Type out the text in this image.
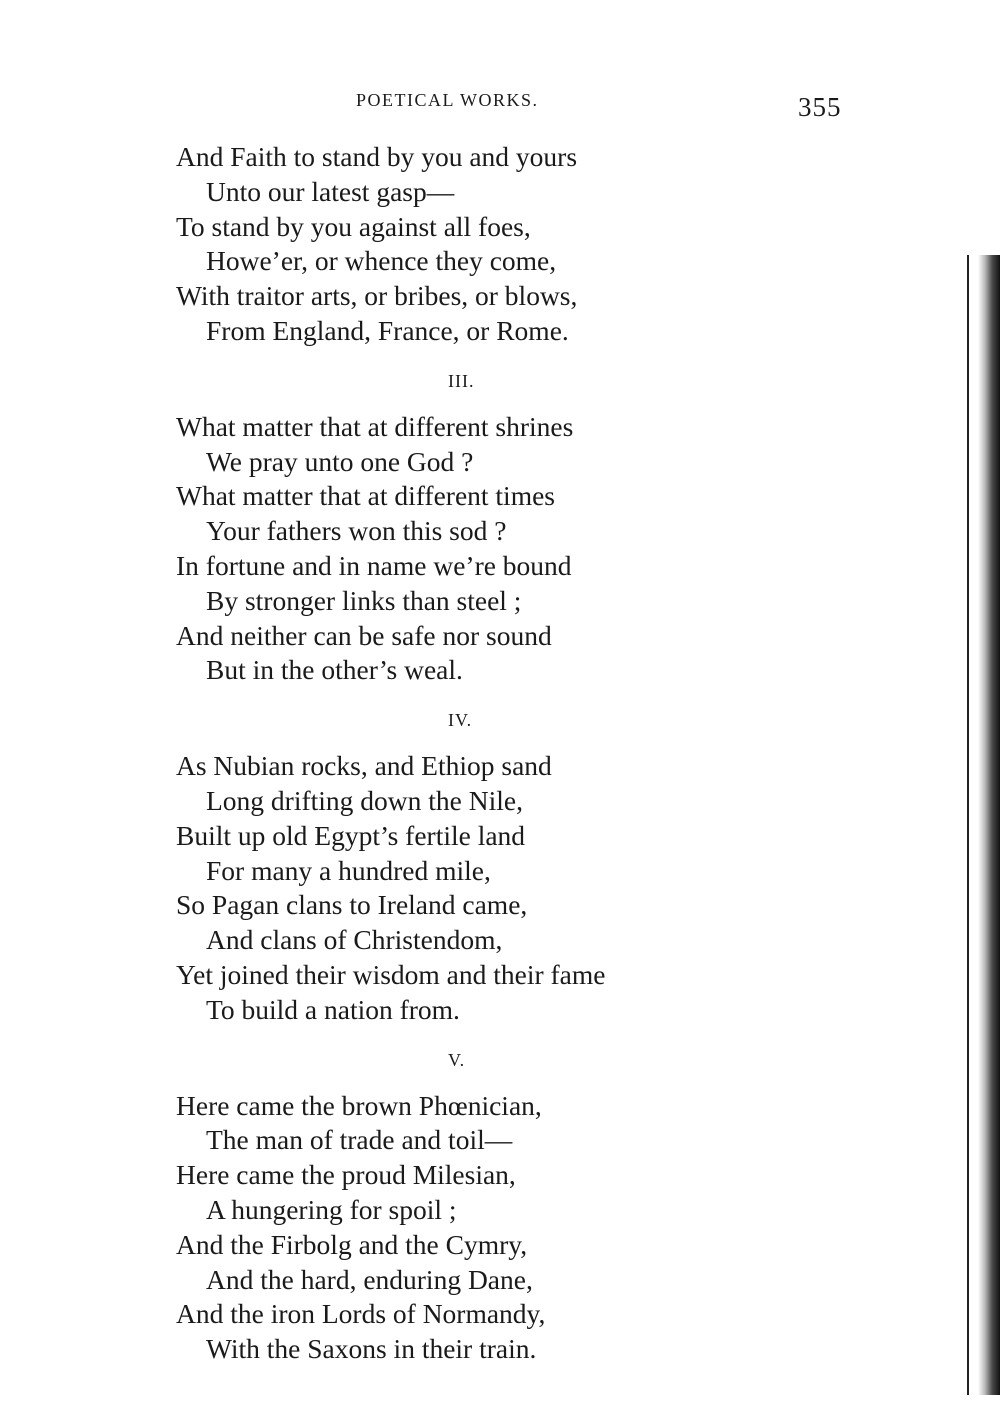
POETICAL WORKS.	355
And Faith to stand by you and yours
Unto our latest gasp—
To stand by you against all foes,
Howe’er, or whence they come,
With traitor arts, or bribes, or blows,
From England, France, or Rome.
III.
What matter that at different shrines
We pray unto one God ?
What matter that at different times
Your fathers won this sod ?
In fortune and in name we’re bound
By stronger links than steel ;
And neither can be safe nor sound
But in the other’s weal.
IV.
As Nubian rocks, and Ethiop sand
Long drifting down the Nile,
Built up old Egypt’s fertile land
For many a hundred mile,
So Pagan clans to Ireland came,
And clans of Christendom,
Yet joined their wisdom and their fame
To build a nation from.
V.
Here came the brown Phœnician,
The man of trade and toil—
Here came the proud Milesian,
A hungering for spoil ;
And the Firbolg and the Cymry,
And the hard, enduring Dane,
And the iron Lords of Normandy,
With the Saxons in their train.
